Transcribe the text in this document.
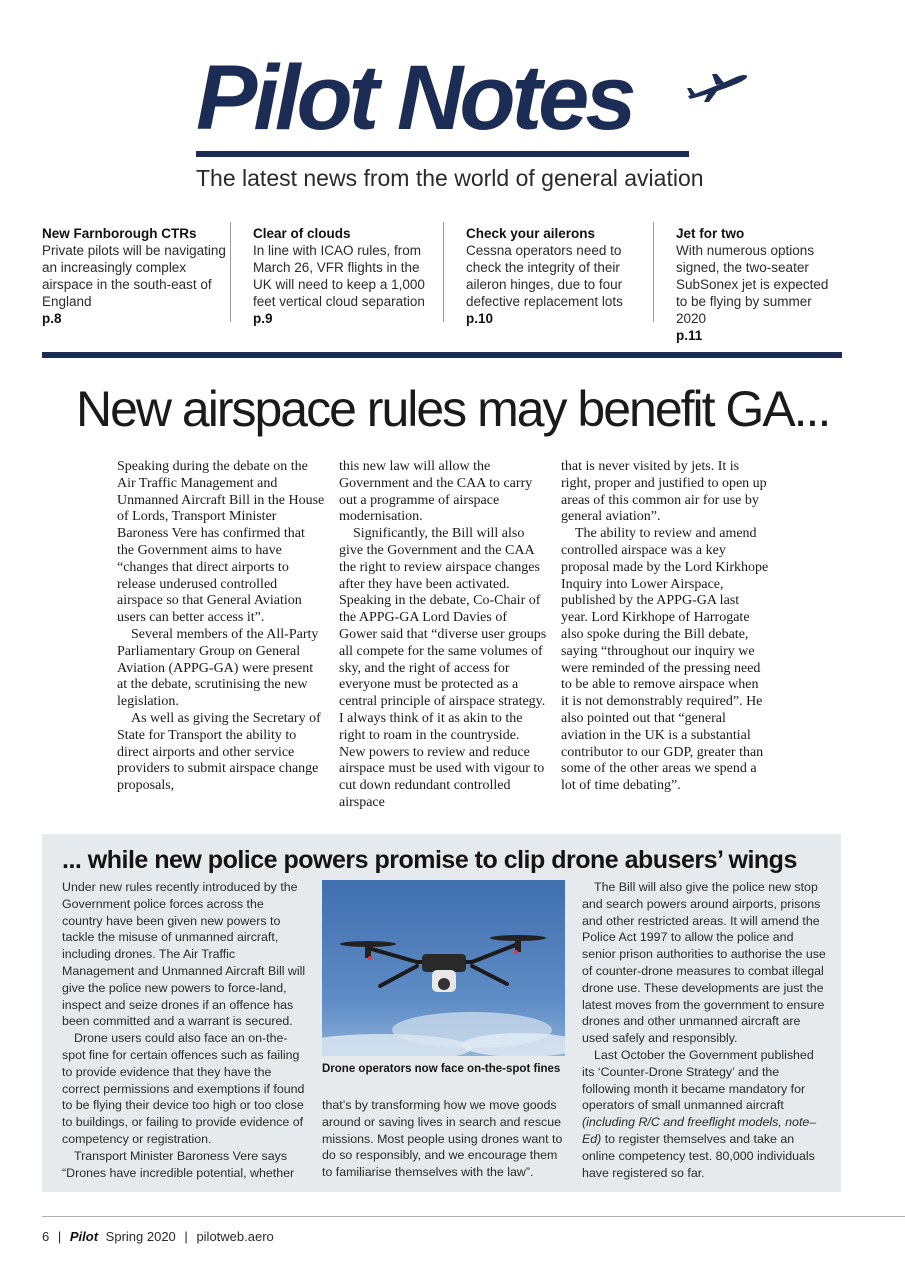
Pilot Notes
The latest news from the world of general aviation
New Farnborough CTRs
Private pilots will be navigating an increasingly complex airspace in the south-east of England
p.8
Clear of clouds
In line with ICAO rules, from March 26, VFR flights in the UK will need to keep a 1,000 feet vertical cloud separation
p.9
Check your ailerons
Cessna operators need to check the integrity of their aileron hinges, due to four defective replacement lots
p.10
Jet for two
With numerous options signed, the two-seater SubSonex jet is expected to be flying by summer 2020
p.11
New airspace rules may benefit GA...

Speaking during the debate on the Air Traffic Management and Unmanned Aircraft Bill in the House of Lords, Transport Minister Baroness Vere has confirmed that the Government aims to have “changes that direct airports to release underused controlled airspace so that General Aviation users can better access it”.

Several members of the All-Party Parliamentary Group on General Aviation (APPG-GA) were present at the debate, scrutinising the new legislation.

As well as giving the Secretary of State for Transport the ability to direct airports and other service providers to submit airspace change proposals,

this new law will allow the Government and the CAA to carry out a programme of airspace modernisation.

Significantly, the Bill will also give the Government and the CAA the right to review airspace changes after they have been activated. Speaking in the debate, Co-Chair of the APPG-GA Lord Davies of Gower said that “diverse user groups all compete for the same volumes of sky, and the right of access for everyone must be protected as a central principle of airspace strategy. I always think of it as akin to the right to roam in the countryside. New powers to review and reduce airspace must be used with vigour to cut down redundant controlled airspace

that is never visited by jets. It is right, proper and justified to open up areas of this common air for use by general aviation”.

The ability to review and amend controlled airspace was a key proposal made by the Lord Kirkhope Inquiry into Lower Airspace, published by the APPG-GA last year. Lord Kirkhope of Harrogate also spoke during the Bill debate, saying “throughout our inquiry we were reminded of the pressing need to be able to remove airspace when it is not demonstrably required”. He also pointed out that “general aviation in the UK is a substantial contributor to our GDP, greater than some of the other areas we spend a lot of time debating”.

... while new police powers promise to clip drone abusers’ wings

Under new rules recently introduced by the Government police forces across the country have been given new powers to tackle the misuse of unmanned aircraft, including drones. The Air Traffic Management and Unmanned Aircraft Bill will give the police new powers to force-land, inspect and seize drones if an offence has been committed and a warrant is secured.

Drone users could also face an on-the-spot fine for certain offences such as failing to provide evidence that they have the correct permissions and exemptions if found to be flying their device too high or too close to buildings, or failing to provide evidence of competency or registration.

Transport Minister Baroness Vere says “Drones have incredible potential, whether

Drone operators now face on-the-spot fines

that’s by transforming how we move goods around or saving lives in search and rescue missions. Most people using drones want to do so responsibly, and we encourage them to familiarise themselves with the law”.

The Bill will also give the police new stop and search powers around airports, prisons and other restricted areas. It will amend the Police Act 1997 to allow the police and senior prison authorities to authorise the use of counter-drone measures to combat illegal drone use. These developments are just the latest moves from the government to ensure drones and other unmanned aircraft are used safely and responsibly.

Last October the Government published its ‘Counter-Drone Strategy’ and the following month it became mandatory for operators of small unmanned aircraft (including R/C and freeflight models, note–Ed) to register themselves and take an online competency test. 80,000 individuals have registered so far.

6 | Pilot Spring 2020 | pilotweb.aero
